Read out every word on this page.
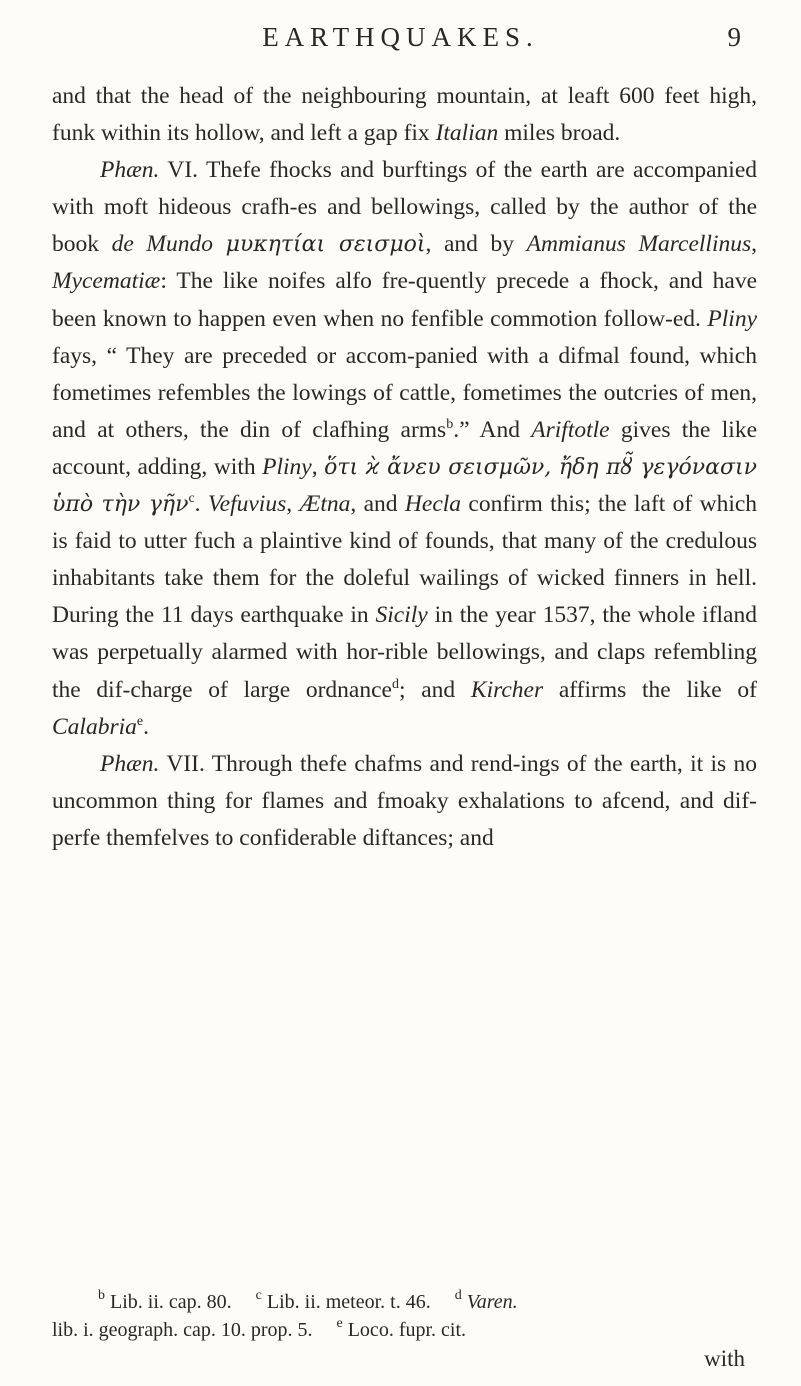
EARTHQUAKES.	9

and that the head of the neighbouring mountain, at leaft 600 feet high, funk within its hollow, and left a gap fix Italian miles broad.

Phæn. VI. Thefe fhocks and burftings of the earth are accompanied with moft hideous crafh-es and bellowings, called by the author of the book de Mundo μυκητίαι σεισμοὶ, and by Ammianus Marcellinus, Mycematiæ: The like noifes alfo fre-quently precede a fhock, and have been known to happen even when no fenfible commotion follow-ed. Pliny fays, “ They are preceded or accom-panied with a difmal found, which fometimes refembles the lowings of cattle, fometimes the outcries of men, and at others, the din of clafhing arms$^b$.” And Ariftotle gives the like account, adding, with Pliny, ὅτι ϰ̀ ἄνευ σεισμῶν, ἤδη πȣ̃ γεγόνασιν ὑπὸ τὴν γῆν$^c$. Vefuvius, Ætna, and Hecla confirm this; the laft of which is faid to utter fuch a plaintive kind of founds, that many of the credulous inhabitants take them for the doleful wailings of wicked finners in hell. During the 11 days earthquake in Sicily in the year 1537, the whole ifland was perpetually alarmed with hor-rible bellowings, and claps refembling the dif-charge of large ordnance$^d$; and Kircher affirms the like of Calabria$^e$.

Phæn. VII. Through thefe chafms and rend-ings of the earth, it is no uncommon thing for flames and fmoaky exhalations to afcend, and dif-perfe themfelves to confiderable diftances; and

$^b$ Lib. ii. cap. 80. $^c$ Lib. ii. meteor. t. 46. $^d$ Varen.
lib. i. geograph. cap. 10. prop. 5. $^e$ Loco. fupr. cit.
with
